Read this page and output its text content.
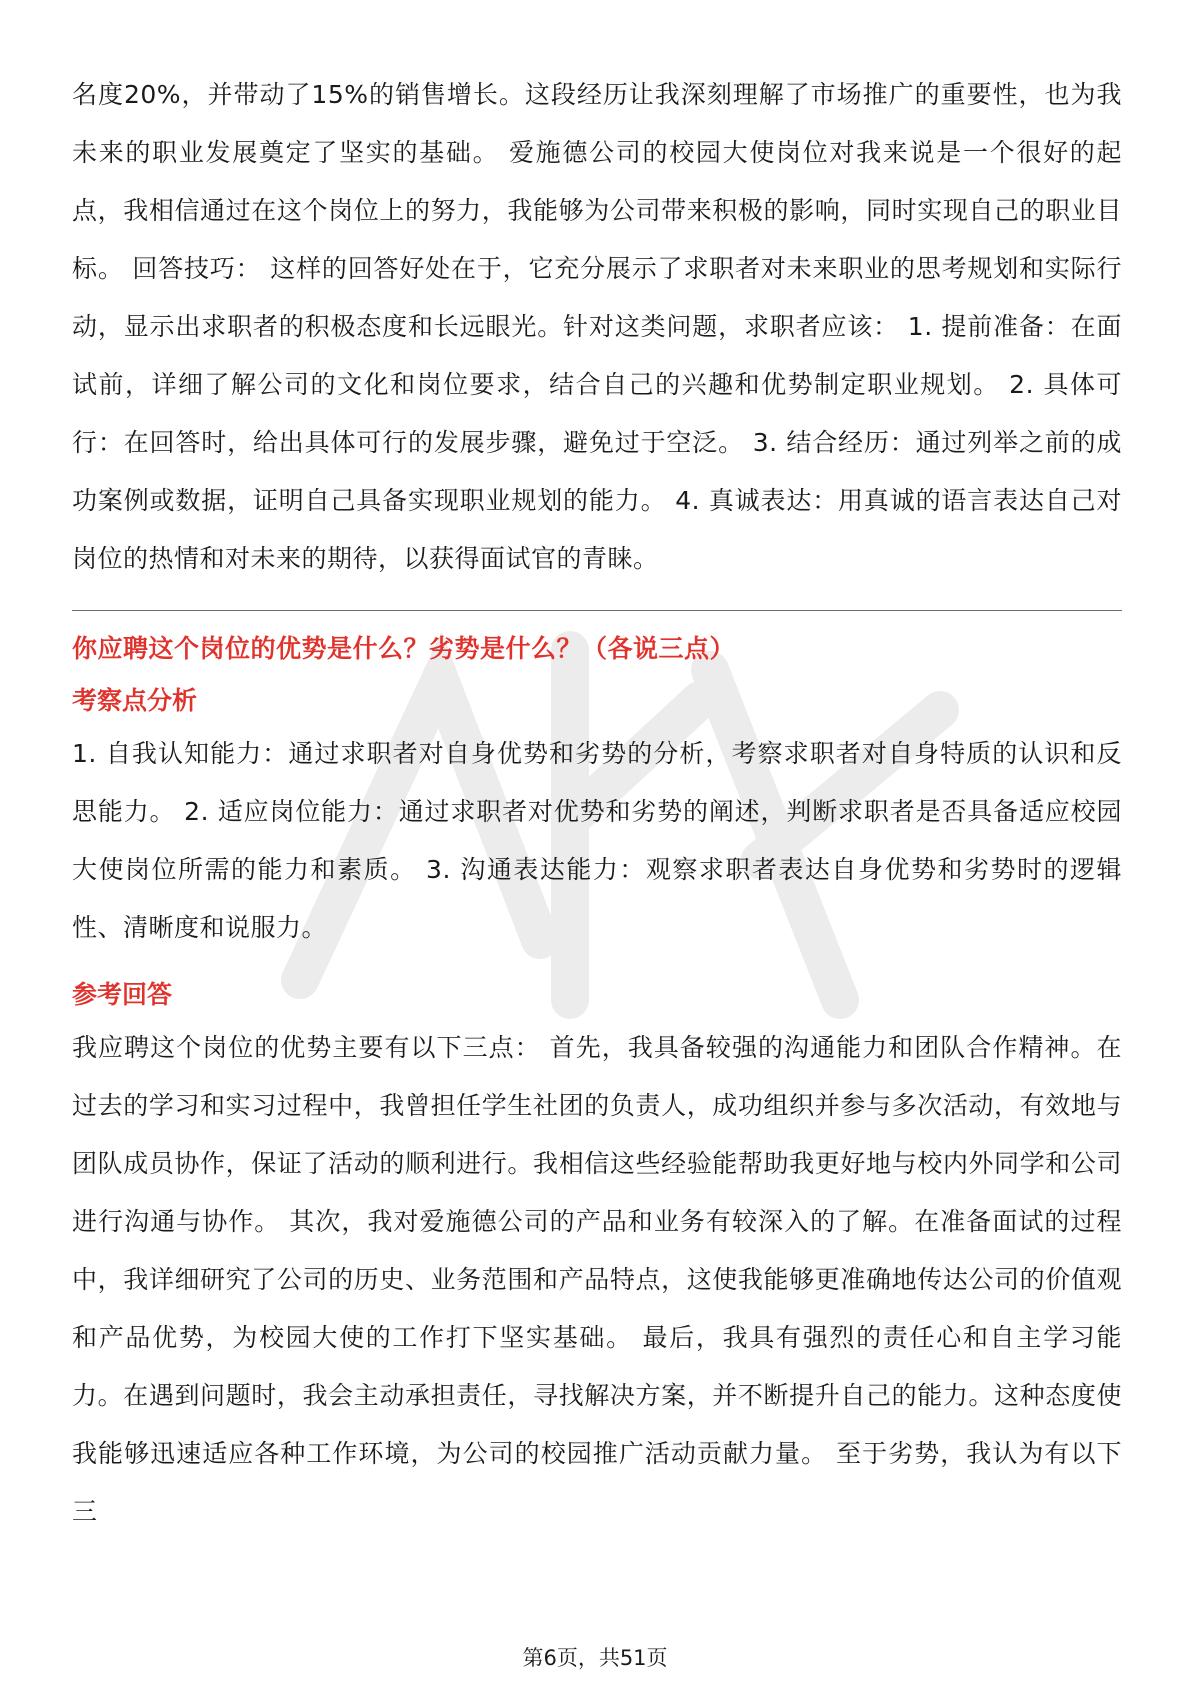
名度20%，并带动了15%的销售增长。这段经历让我深刻理解了市场推广的重要性，也为我未来的职业发展奠定了坚实的基础。 爱施德公司的校园大使岗位对我来说是一个很好的起点，我相信通过在这个岗位上的努力，我能够为公司带来积极的影响，同时实现自己的职业目标。 回答技巧： 这样的回答好处在于，它充分展示了求职者对未来职业的思考规划和实际行动，显示出求职者的积极态度和长远眼光。针对这类问题，求职者应该： 1. 提前准备：在面试前，详细了解公司的文化和岗位要求，结合自己的兴趣和优势制定职业规划。 2. 具体可行：在回答时，给出具体可行的发展步骤，避免过于空泛。 3. 结合经历：通过列举之前的成功案例或数据，证明自己具备实现职业规划的能力。 4. 真诚表达：用真诚的语言表达自己对岗位的热情和对未来的期待，以获得面试官的青睐。

你应聘这个岗位的优势是什么？劣势是什么？（各说三点）
考察点分析

1. 自我认知能力：通过求职者对自身优势和劣势的分析，考察求职者对自身特质的认识和反思能力。 2. 适应岗位能力：通过求职者对优势和劣势的阐述，判断求职者是否具备适应校园大使岗位所需的能力和素质。 3. 沟通表达能力：观察求职者表达自身优势和劣势时的逻辑性、清晰度和说服力。

参考回答

我应聘这个岗位的优势主要有以下三点： 首先，我具备较强的沟通能力和团队合作精神。在过去的学习和实习过程中，我曾担任学生社团的负责人，成功组织并参与多次活动，有效地与团队成员协作，保证了活动的顺利进行。我相信这些经验能帮助我更好地与校内外同学和公司进行沟通与协作。 其次，我对爱施德公司的产品和业务有较深入的了解。在准备面试的过程中，我详细研究了公司的历史、业务范围和产品特点，这使我能够更准确地传达公司的价值观和产品优势，为校园大使的工作打下坚实基础。 最后，我具有强烈的责任心和自主学习能力。在遇到问题时，我会主动承担责任，寻找解决方案，并不断提升自己的能力。这种态度使我能够迅速适应各种工作环境，为公司的校园推广活动贡献力量。 至于劣势，我认为有以下三

第6页，共51页
